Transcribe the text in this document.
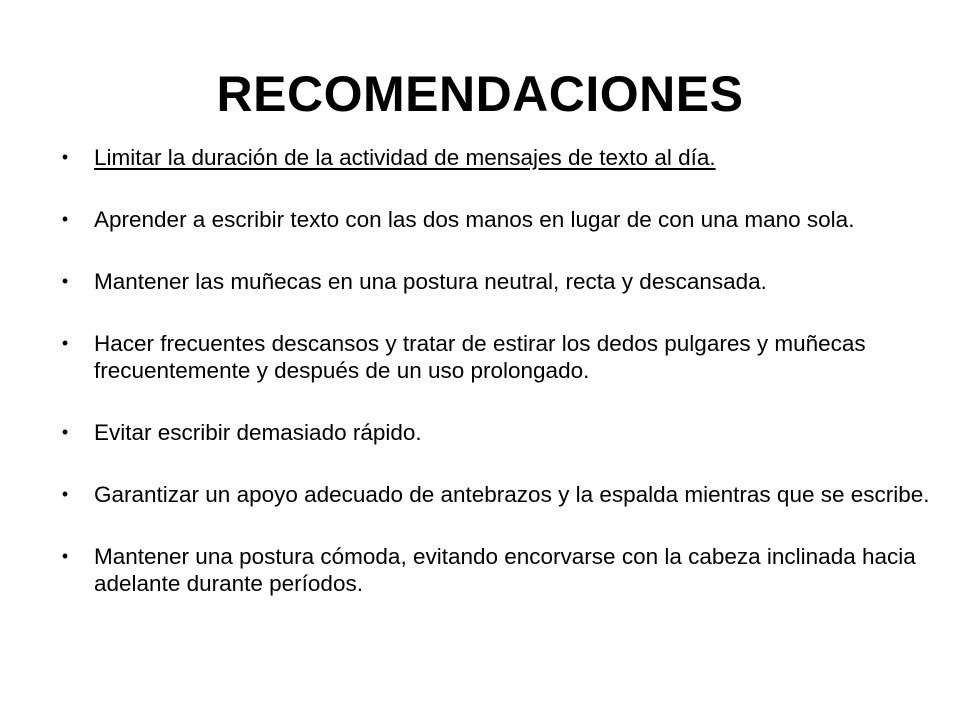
RECOMENDACIONES
• Limitar la duración de la actividad de mensajes de texto al día.
• Aprender a escribir texto con las dos manos en lugar de con una mano sola.
• Mantener las muñecas en una postura neutral, recta y descansada.
• Hacer frecuentes descansos y tratar de estirar los dedos pulgares y muñecas frecuentemente y después de un uso prolongado.
• Evitar escribir demasiado rápido.
• Garantizar un apoyo adecuado de antebrazos y la espalda mientras que se escribe.
• Mantener una postura cómoda, evitando encorvarse con la cabeza inclinada hacia adelante durante períodos.
